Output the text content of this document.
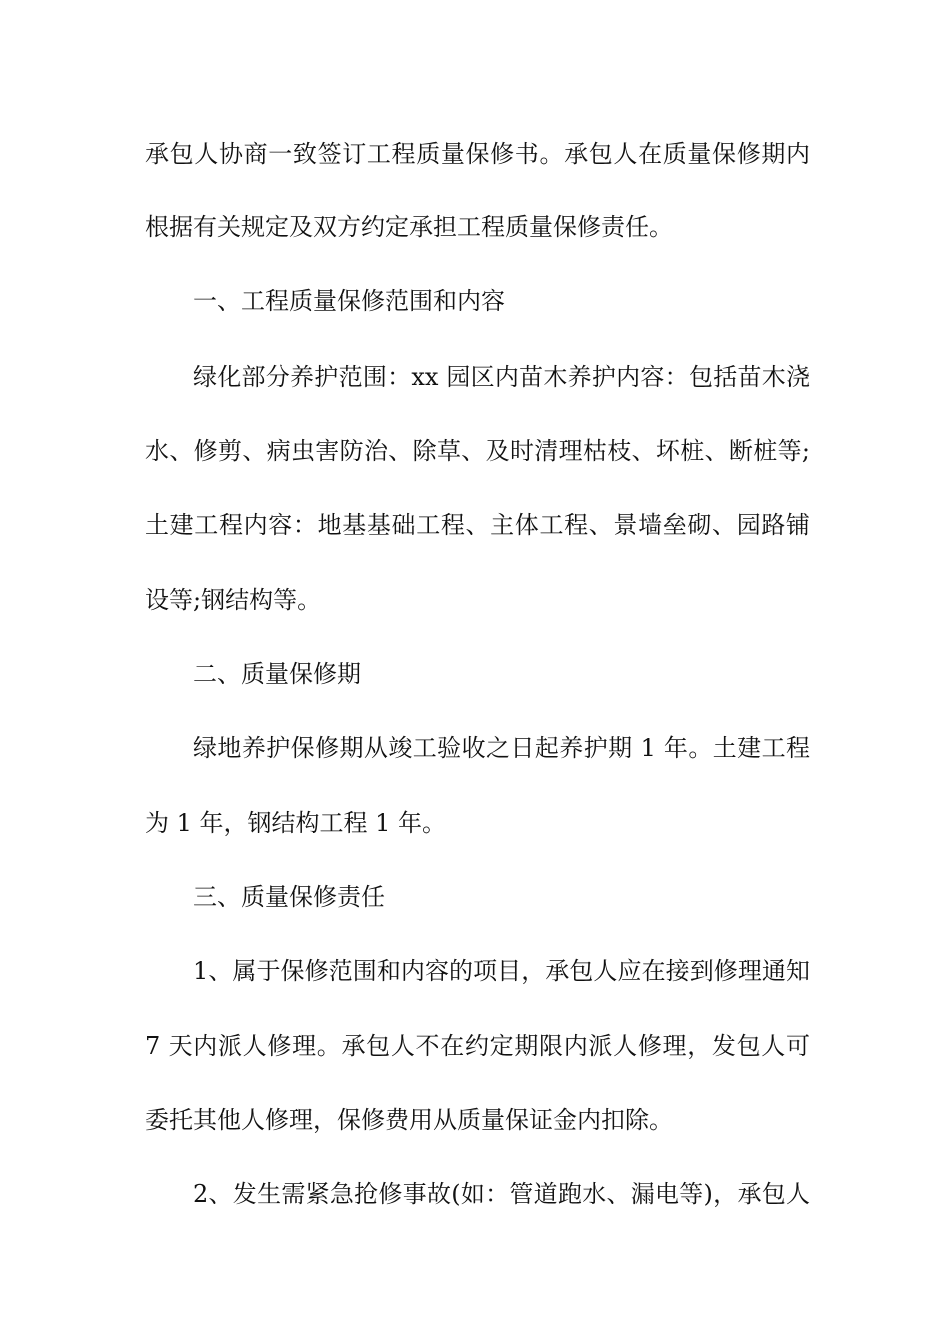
承包人协商一致签订工程质量保修书。承包人在质量保修期内
根据有关规定及双方约定承担工程质量保修责任。
一、工程质量保修范围和内容
绿化部分养护范围：xx 园区内苗木养护内容：包括苗木浇
水、修剪、病虫害防治、除草、及时清理枯枝、坏桩、断桩等;
土建工程内容：地基基础工程、主体工程、景墙垒砌、园路铺
设等;钢结构等。
二、质量保修期
绿地养护保修期从竣工验收之日起养护期 1 年。土建工程
为 1 年，钢结构工程 1 年。
三、质量保修责任
1、属于保修范围和内容的项目，承包人应在接到修理通知
7 天内派人修理。承包人不在约定期限内派人修理，发包人可
委托其他人修理，保修费用从质量保证金内扣除。
2、发生需紧急抢修事故(如：管道跑水、漏电等)，承包人
